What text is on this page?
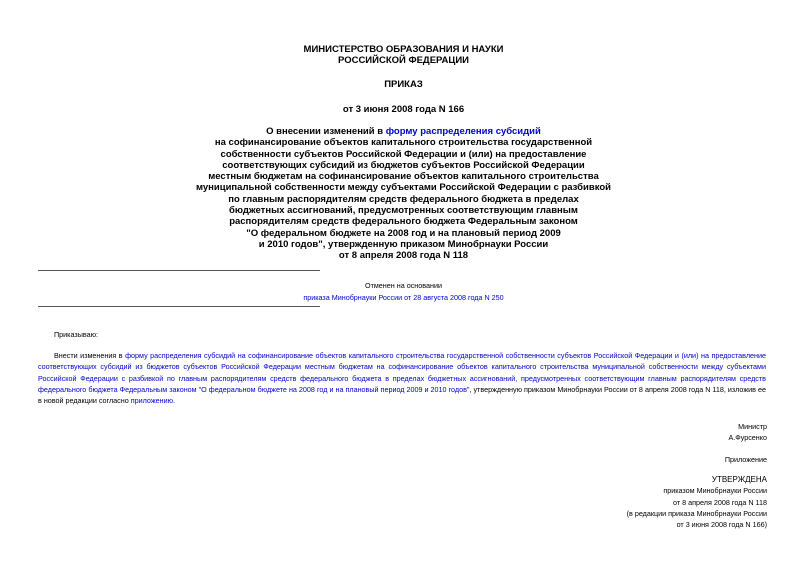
МИНИСТЕРСТВО ОБРАЗОВАНИЯ И НАУКИ
РОССИЙСКОЙ ФЕДЕРАЦИИ
ПРИКАЗ
от 3 июня 2008 года N 166
О внесении изменений в форму распределения субсидий
на софинансирование объектов капитального строительства государственной
собственности субъектов Российской Федерации и (или) на предоставление
соответствующих субсидий из бюджетов субъектов Российской Федерации
местным бюджетам на софинансирование объектов капитального строительства
муниципальной собственности между субъектами Российской Федерации с разбивкой
по главным распорядителям средств федерального бюджета в пределах
бюджетных ассигнований, предусмотренных соответствующим главным
распорядителям средств федерального бюджета Федеральным законом
"О федеральном бюджете на 2008 год и на плановый период 2009
и 2010 годов", утвержденную приказом Минобрнауки России
от 8 апреля 2008 года N 118
Отменен на основании
приказа Минобрнауки России от 28 августа 2008 года N 250
Приказываю:
Внести изменения в форму распределения субсидий на софинансирование объектов капитального строительства государственной собственности субъектов Российской Федерации и (или) на предоставление соответствующих субсидий из бюджетов субъектов Российской Федерации местным бюджетам на софинансирование объектов капитального строительства муниципальной собственности между субъектами Российской Федерации с разбивкой по главным распорядителям средств федерального бюджета в пределах бюджетных ассигнований, предусмотренных соответствующим главным распорядителям средств федерального бюджета Федеральным законом "О федеральном бюджете на 2008 год и на плановый период 2009 и 2010 годов", утвержденную приказом Минобрнауки России от 8 апреля 2008 года N 118, изложив ее в новой редакции согласно приложению.
Министр
А.Фурсенко
Приложение
УТВЕРЖДЕНА
приказом Минобрнауки России
от 8 апреля 2008 года N 118
(в редакции приказа Минобрнауки России
от 3 июня 2008 года N 166)
